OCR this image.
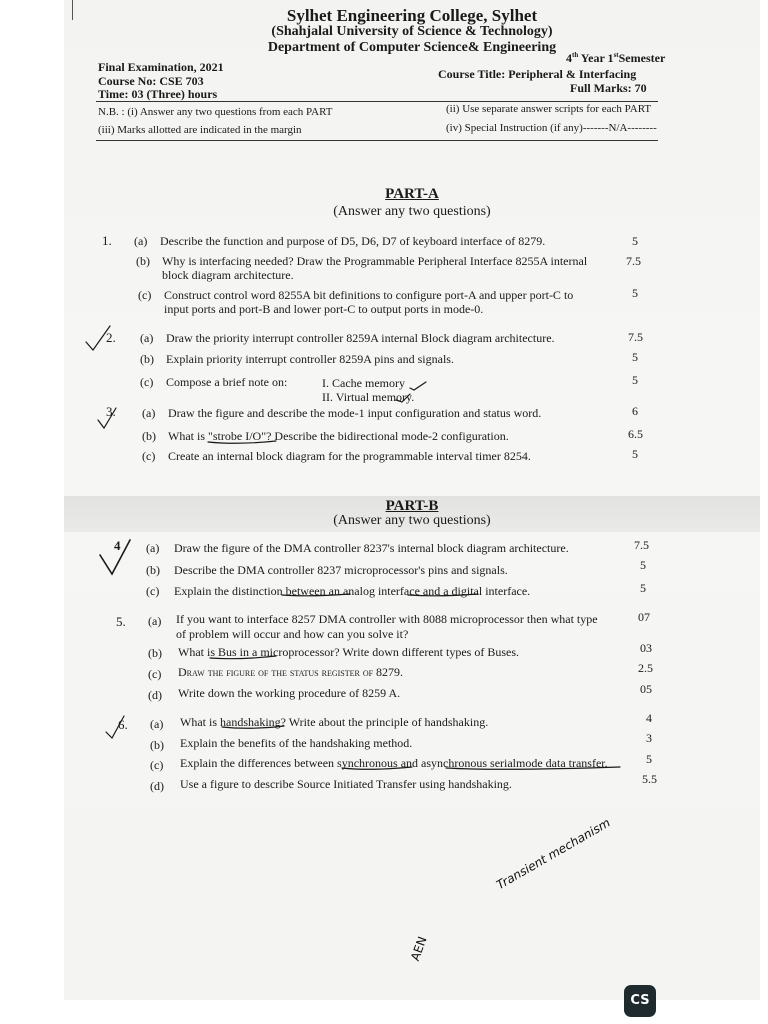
Sylhet Engineering College, Sylhet
(Shahjalal University of Science & Technology)
Department of Computer Science& Engineering
Final Examination, 2021
4th Year 1stSemester
Course No: CSE 703	Course Title: Peripheral & Interfacing
Time: 03 (Three) hours	Full Marks: 70
N.B. : (i) Answer any two questions from each PART	(ii) Use separate answer scripts for each PART
(iii) Marks allotted are indicated in the margin	(iv) Special Instruction (if any)-------N/A--------
PART-A
(Answer any two questions)
1. (a) Describe the function and purpose of D5, D6, D7 of keyboard interface of 8279.	5
(b) Why is interfacing needed? Draw the Programmable Peripheral Interface 8255A internal
block diagram architecture.
7.5
(c) Construct control word 8255A bit definitions to configure port-A and upper port-C to
input ports and port-B and lower port-C to output ports in mode-0.
5
2. (a) Draw the priority interrupt controller 8259A internal Block diagram architecture.	7.5
(b) Explain priority interrupt controller 8259A pins and signals.	5
(c) Compose a brief note on:	I. Cache memory
II. Virtual memory.
5
3. (a) Draw the figure and describe the mode-1 input configuration and status word.	6
(b) What is "strobe I/O"? Describe the bidirectional mode-2 configuration.	6.5
(c) Create an internal block diagram for the programmable interval timer 8254.	5
PART-B
(Answer any two questions)
4 (a) Draw the figure of the DMA controller 8237's internal block diagram architecture.	7.5
(b) Describe the DMA controller 8237 microprocessor's pins and signals.	5
(c) Explain the distinction between an analog interface and a digital interface.	5
5. (a) If you want to interface 8257 DMA controller with 8088 microprocessor then what type
of problem will occur and how can you solve it?
07
(b) What is Bus in a microprocessor? Write down different types of Buses.	03
(c) Draw the figure of the status register of 8279.	2.5
(d) Write down the working procedure of 8259 A.	05
6. (a) What is handshaking? Write about the principle of handshaking.	4
(b) Explain the benefits of the handshaking method.	3
(c) Explain the differences between synchronous and asynchronous serialmode data transfer.	5
(d) Use a figure to describe Source Initiated Transfer using handshaking.	5.5
Transient mechanism
AEN
CS
